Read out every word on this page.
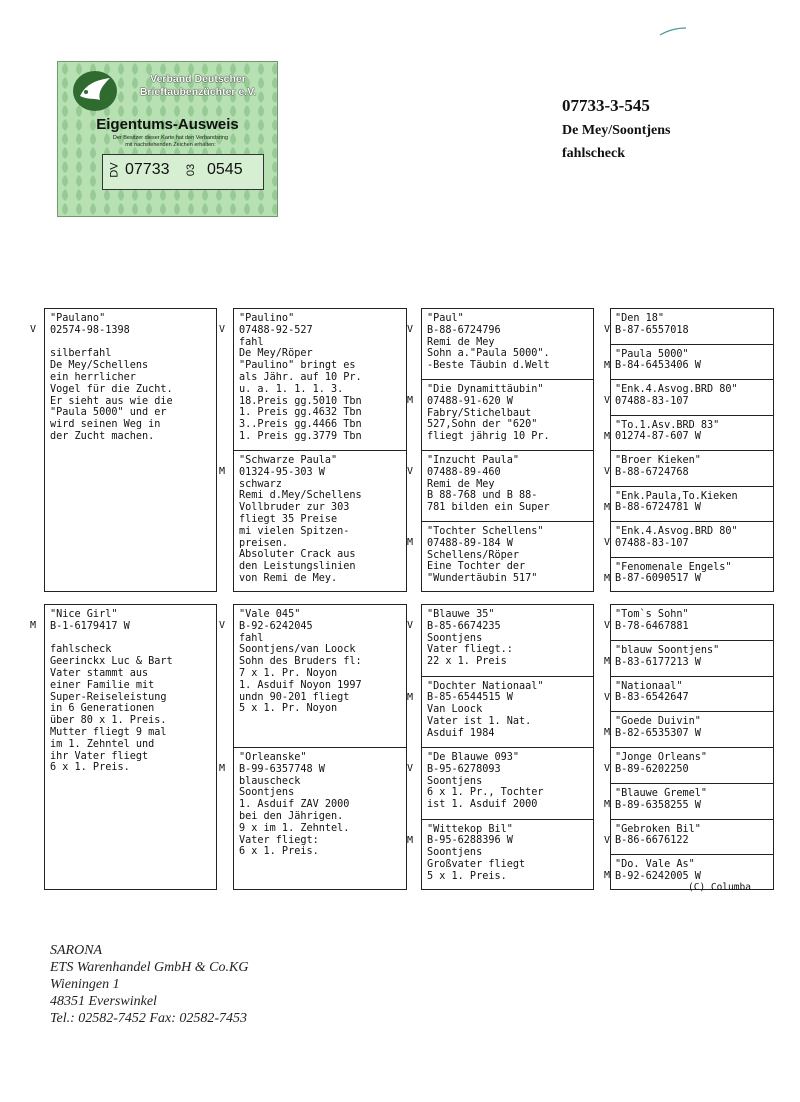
Verband Deutscher
Brieftaubenzüchter e.V.
Eigentums-Ausweis
Der Besitzer dieser Karte hat den Verbandsring
mit nachstehenden Zeichen erhalten:
DV 07733 03 0545
07733-3-545
De Mey/Soontjens
fahlscheck
V
"Paulano"
02574-98-1398
silberfahl
De Mey/Schellens
ein herrlicher
Vogel für die Zucht.
Er sieht aus wie die
"Paula 5000" und er
wird seinen Weg in
der Zucht machen.
V
"Paulino"
07488-92-527
fahl
De Mey/Röper
"Paulino" bringt es
als Jähr. auf 10 Pr.
u. a. 1. 1. 1. 3.
18.Preis gg.5010 Tbn
1. Preis gg.4632 Tbn
3..Preis gg.4466 Tbn
1. Preis gg.3779 Tbn
M
"Schwarze Paula"
01324-95-303 W
schwarz
Remi d.Mey/Schellens
Vollbruder zur 303
fliegt 35 Preise
mi vielen Spitzen-
preisen.
Absoluter Crack aus
den Leistungslinien
von Remi de Mey.
V
"Paul"
B-88-6724796
Remi de Mey
Sohn a."Paula 5000".
-Beste Täubin d.Welt
M
"Die Dynamittäubin"
07488-91-620 W
Fabry/Stichelbaut
527,Sohn der "620"
fliegt jährig 10 Pr.
V
"Inzucht Paula"
07488-89-460
Remi de Mey
B 88-768 und B 88-
781 bilden ein Super
M
"Tochter Schellens"
07488-89-184 W
Schellens/Röper
Eine Tochter der
"Wundertäubin 517"
V
"Den 18"
B-87-6557018
M
"Paula 5000"
B-84-6453406 W
V
"Enk.4.Asvog.BRD 80"
07488-83-107
M
"To.1.Asv.BRD 83"
01274-87-607 W
V
"Broer Kieken"
B-88-6724768
M
"Enk.Paula,To.Kieken
B-88-6724781 W
V
"Enk.4.Asvog.BRD 80"
07488-83-107
M
"Fenomenale Engels"
B-87-6090517 W
M
"Nice Girl"
B-1-6179417 W
fahlscheck
Geerinckx Luc & Bart
Vater stammt aus
einer Familie mit
Super-Reiseleistung
in 6 Generationen
über 80 x 1. Preis.
Mutter fliegt 9 mal
im 1. Zehntel und
ihr Vater fliegt
6 x 1. Preis.
V
"Vale 045"
B-92-6242045
fahl
Soontjens/van Loock
Sohn des Bruders fl:
7 x 1. Pr. Noyon
1. Asduif Noyon 1997
undn 90-201 fliegt
5 x 1. Pr. Noyon
M
"Orleanske"
B-99-6357748 W
blauscheck
Soontjens
1. Asduif ZAV 2000
bei den Jährigen.
9 x im 1. Zehntel.
Vater fliegt:
6 x 1. Preis.
V
"Blauwe 35"
B-85-6674235
Soontjens
Vater fliegt.:
22 x 1. Preis
M
"Dochter Nationaal"
B-85-6544515 W
Van Loock
Vater ist 1. Nat.
Asduif 1984
V
"De Blauwe 093"
B-95-6278093
Soontjens
6 x 1. Pr., Tochter
ist 1. Asduif 2000
M
"Wittekop Bil"
B-95-6288396 W
Soontjens
Großvater fliegt
5 x 1. Preis.
V
"Tom`s Sohn"
B-78-6467881
M
"blauw Soontjens"
B-83-6177213 W
V
"Nationaal"
B-83-6542647
M
"Goede Duivin"
B-82-6535307 W
V
"Jonge Orleans"
B-89-6202250
M
"Blauwe Gremel"
B-89-6358255 W
V
"Gebroken Bil"
B-86-6676122
M
"Do. Vale As"
B-92-6242005 W
(C) Columba
SARONA
ETS Warenhandel GmbH & Co.KG
Wieningen 1
48351 Everswinkel
Tel.: 02582-7452 Fax: 02582-7453
